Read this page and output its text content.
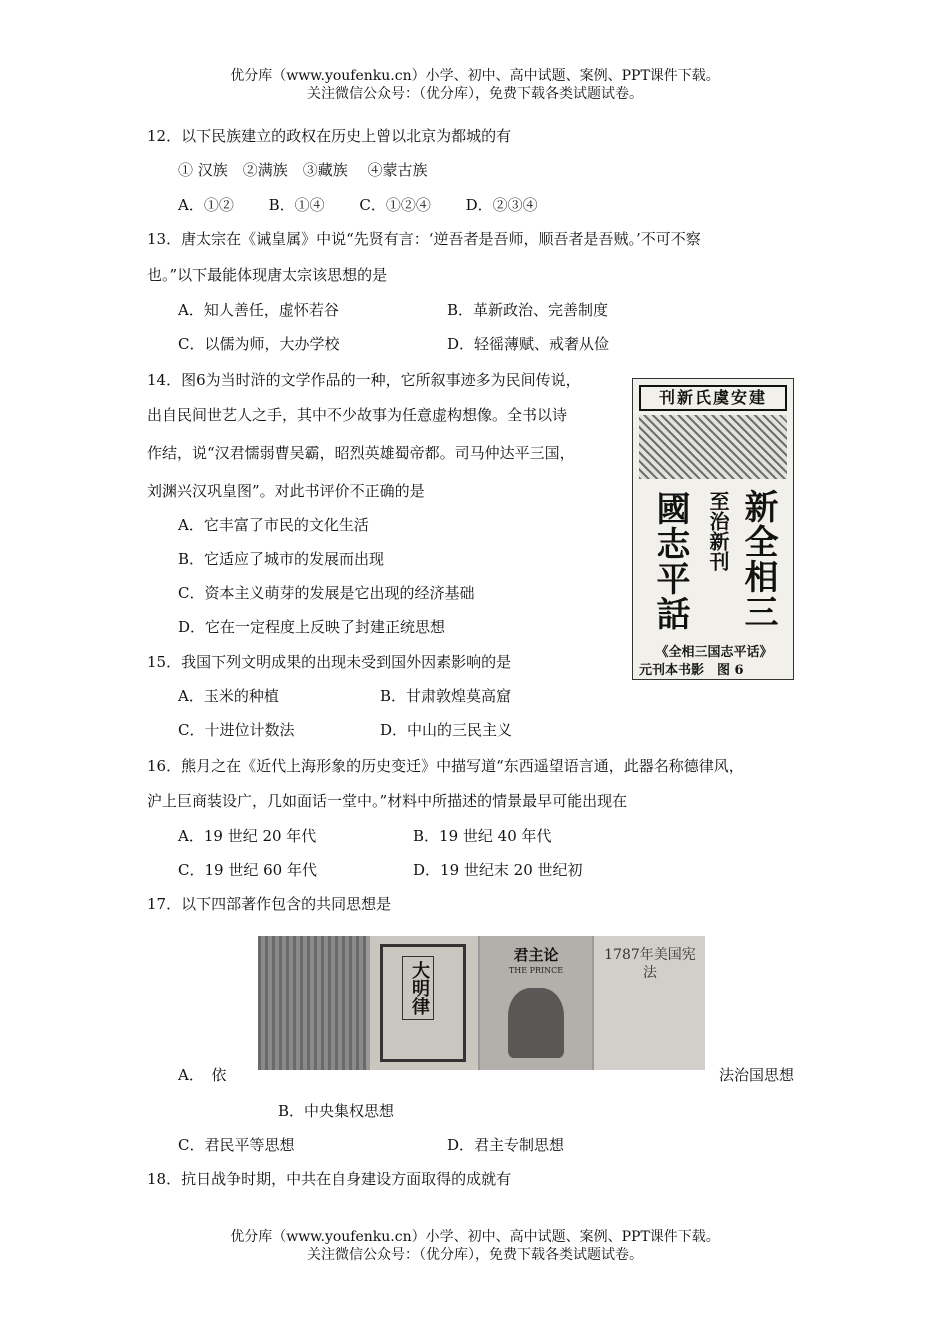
优分库（www.youfenku.cn）小学、初中、高中试题、案例、PPT课件下载。
关注微信公众号：（优分库），免费下载各类试题试卷。
12．以下民族建立的政权在历史上曾以北京为都城的有
① 汉族　②满族　③藏族　 ④蒙古族
A．①②　　 B．①④　　 C．①②④　　 D．②③④
13．唐太宗在《诫皇属》中说“先贤有言：‘逆吾者是吾师，顺吾者是吾贼。’不可不察
也。”以下最能体现唐太宗该思想的是
A．知人善任，虚怀若谷	B．革新政治、完善制度
C．以儒为师，大办学校	D．轻徭薄赋、戒奢从俭
14．图6为当时浒的文学作品的一种，它所叙事迹多为民间传说，
出自民间世艺人之手，其中不少故事为任意虚构想像。全书以诗
作结，说“汉君懦弱曹吴霸，昭烈英雄蜀帝都。司马仲达平三国，
刘渊兴汉巩皇图”。对此书评价不正确的是
A．它丰富了市民的文化生活
B．它适应了城市的发展而出现
C．资本主义萌芽的发展是它出现的经济基础
D．它在一定程度上反映了封建正统思想
刊新氏虞安建
新全相三
至治新刊
國志平話
《全相三国志平话》
元刊本书影　图 6
15．我国下列文明成果的出现未受到国外因素影响的是
A．玉米的种植	B．甘肃敦煌莫高窟
C．十进位计数法	D．中山的三民主义
16．熊月之在《近代上海形象的历史变迁》中描写道“东西遥望语言通，此器名称德律风，
沪上巨商装设广，几如面话一堂中。”材料中所描述的情景最早可能出现在
A．19 世纪 20 年代	B．19 世纪 40 年代
C．19 世纪 60 年代	D．19 世纪末 20 世纪初
17．以下四部著作包含的共同思想是
大明律
君主论
THE PRINCE
1787年美国宪法
A．　依	法治国思想
B．中央集权思想
C．君民平等思想	D．君主专制思想
18．抗日战争时期，中共在自身建设方面取得的成就有
优分库（www.youfenku.cn）小学、初中、高中试题、案例、PPT课件下载。
关注微信公众号：（优分库），免费下载各类试题试卷。
